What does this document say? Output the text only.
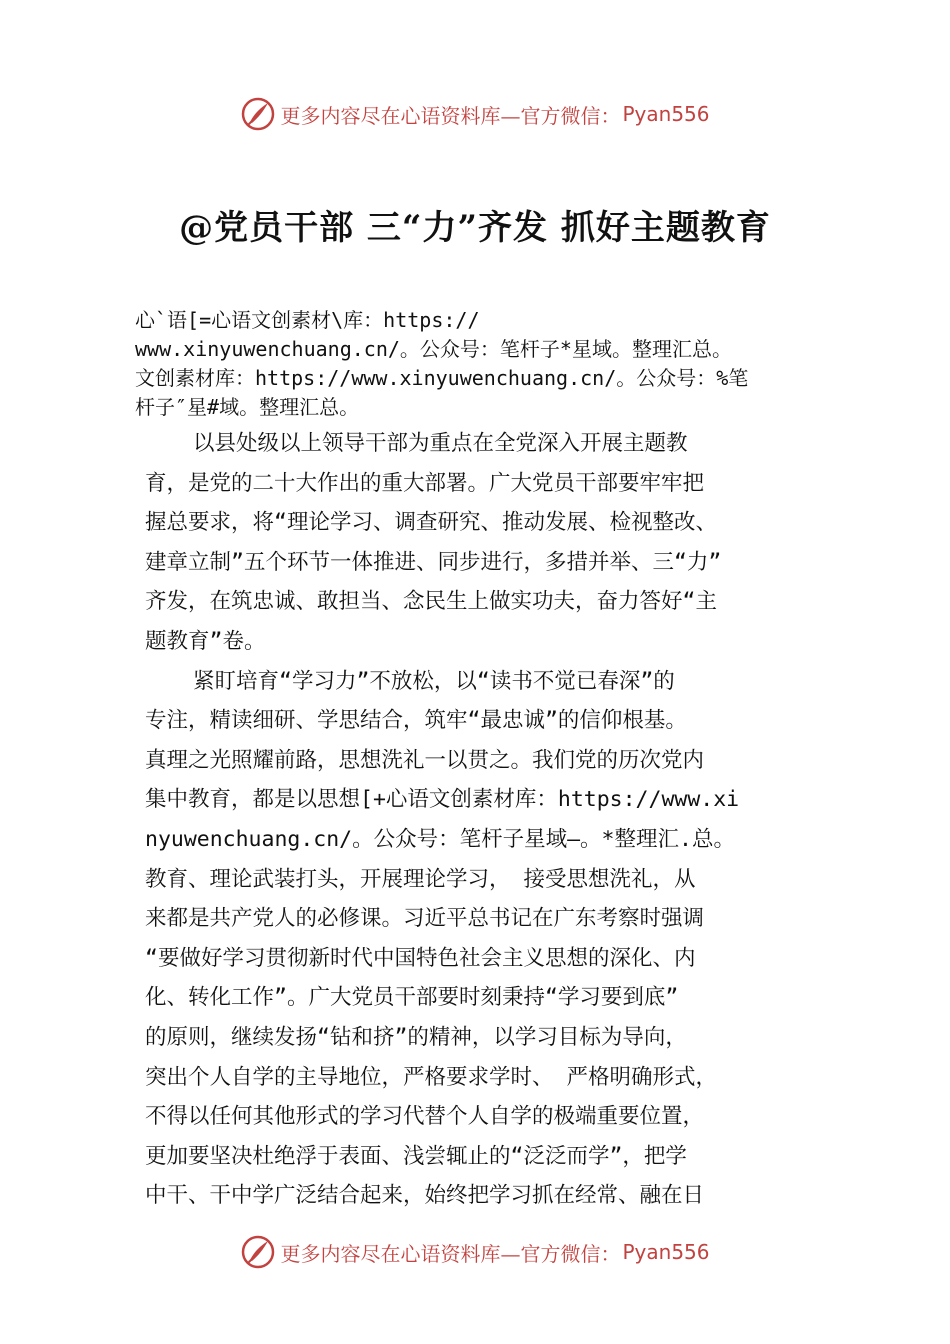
更多内容尽在心语资料库—官方微信： Pyan556
@党员干部 三“力”齐发 抓好主题教育
心`语[=心语文创素材\库：https://
www.xinyuwenchuang.cn/。公众号：笔杆子*星域。整理汇总。
文创素材库：https://www.xinyuwenchuang.cn/。公众号：%笔
杆子″星#域。整理汇总。
以县处级以上领导干部为重点在全党深入开展主题教
育，是党的二十大作出的重大部署。广大党员干部要牢牢把
握总要求，将“理论学习、调查研究、推动发展、检视整改、
建章立制”五个环节一体推进、同步进行，多措并举、三“力”
齐发，在筑忠诚、敢担当、念民生上做实功夫，奋力答好“主
题教育”卷。
紧盯培育“学习力”不放松，以“读书不觉已春深”的
专注，精读细研、学思结合，筑牢“最忠诚”的信仰根基。
真理之光照耀前路，思想洗礼一以贯之。我们党的历次党内
集中教育，都是以思想[+心语文创素材库：https://www.xi
nyuwenchuang.cn/。公众号：笔杆子星域—。*整理汇.总。
教育、理论武装打头，开展理论学习， 接受思想洗礼，从
来都是共产党人的必修课。习近平总书记在广东考察时强调
“要做好学习贯彻新时代中国特色社会主义思想的深化、内
化、转化工作”。广大党员干部要时刻秉持“学习要到底”
的原则，继续发扬“钻和挤”的精神，以学习目标为导向，
突出个人自学的主导地位，严格要求学时、 严格明确形式，
不得以任何其他形式的学习代替个人自学的极端重要位置，
更加要坚决杜绝浮于表面、浅尝辄止的“泛泛而学”，把学
中干、干中学广泛结合起来，始终把学习抓在经常、融在日
更多内容尽在心语资料库—官方微信： Pyan556
